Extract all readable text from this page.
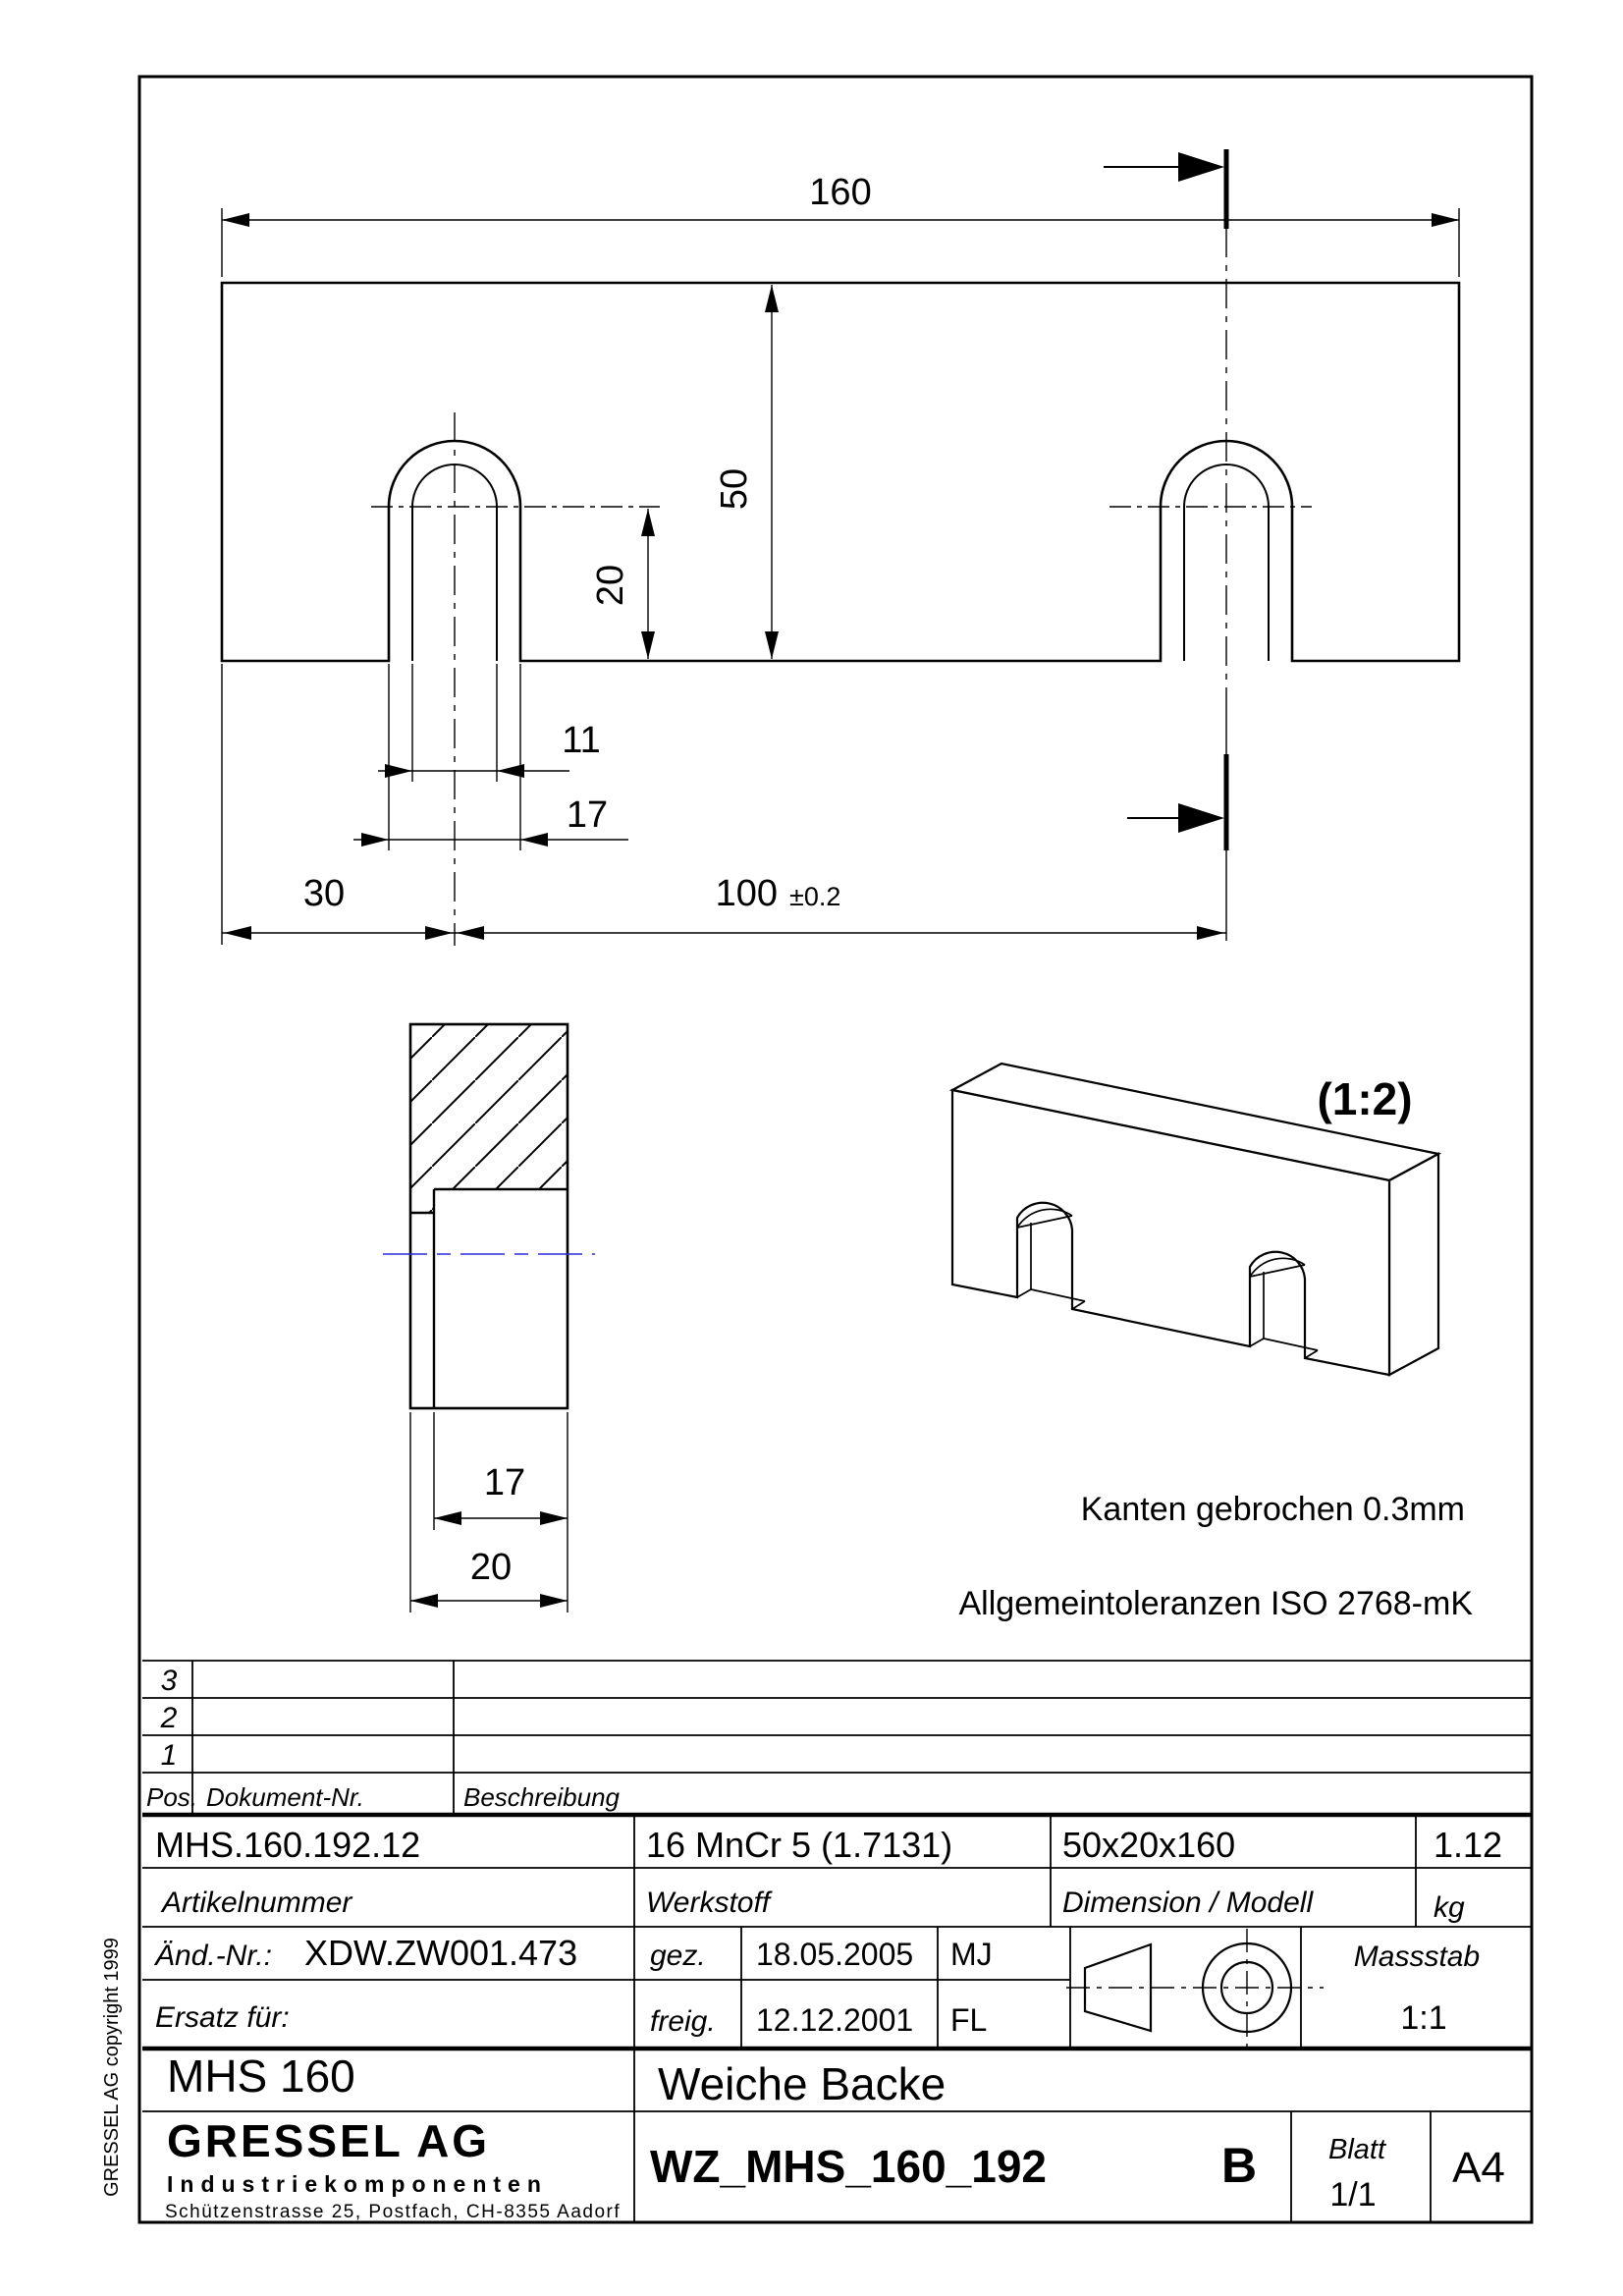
GRESSEL AG copyright 1999
160
50
20
11
17
30	100 ±0.2
17
20
(1:2)
Kanten gebrochen 0.3mm
Allgemeintoleranzen ISO 2768-mK
3
2
1
Pos. Dokument-Nr.	Beschreibung
MHS.160.192.12	16 MnCr 5 (1.7131)	50x20x160	1.12
Artikelnummer	Werkstoff	Dimension / Modell	kg
Änd.-Nr.: XDW.ZW001.473 gez. 18.05.2005 MJ
Ersatz für:	freig. 12.12.2001 FL
Massstab
1:1
MHS 160	Weiche Backe
GRESSEL AG
Industriekomponenten
Schützenstrasse 25, Postfach, CH-8355 Aadorf
WZ_MHS_160_192	B	Blatt
1/1
A4
